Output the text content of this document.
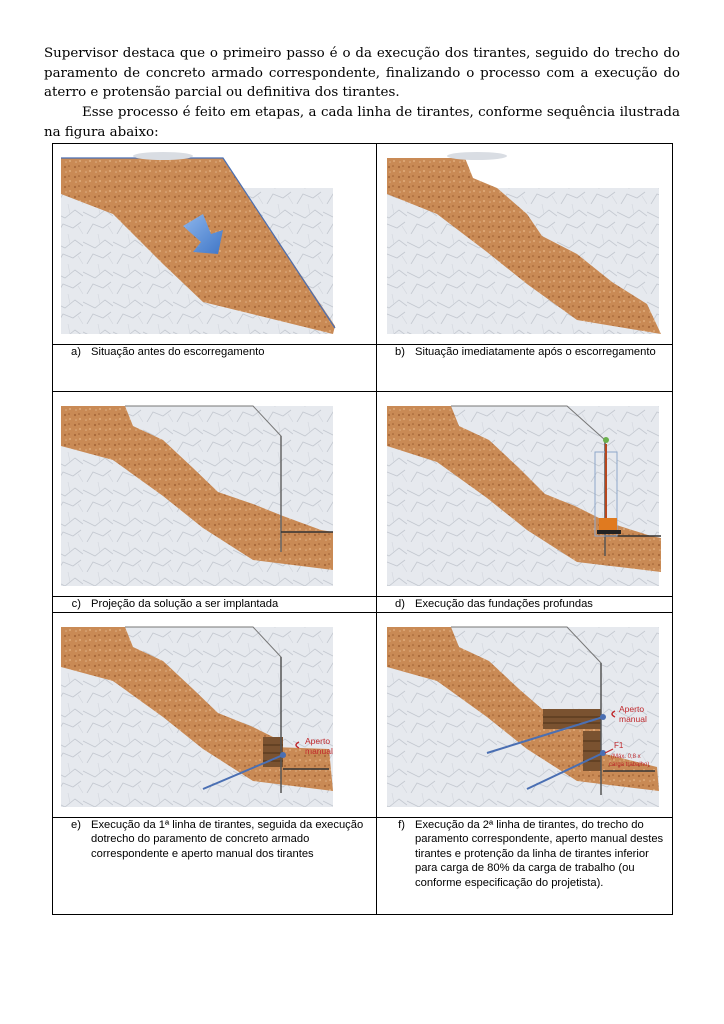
Supervisor destaca que o primeiro passo é o da execução dos tirantes, seguido do trecho do paramento de concreto armado correspondente, finalizando o processo com a execução do aterro e protensão parcial ou definitiva dos tirantes.

Esse processo é feito em etapas, a cada linha de tirantes, conforme sequência ilustrada na figura abaixo:

a) Situação antes do escorregamento	b) Situação imediatamente após o escorregamento

c) Projeção da solução a ser implantada	d) Execução das fundações profundas

Aperto
manual	Aperto
manual
F1
(Máx. 0,8 x
carga trabalho)

e) Execução da 1ª linha de tirantes, seguida da execução dotrecho do paramento de concreto armado correspondente e aperto manual dos tirantes	f) Execução da 2ª linha de tirantes, do trecho do paramento correspondente, aperto manual destes tirantes e protenção da linha de tirantes inferior para carga de 80% da carga de trabalho (ou conforme especificação do projetista).
